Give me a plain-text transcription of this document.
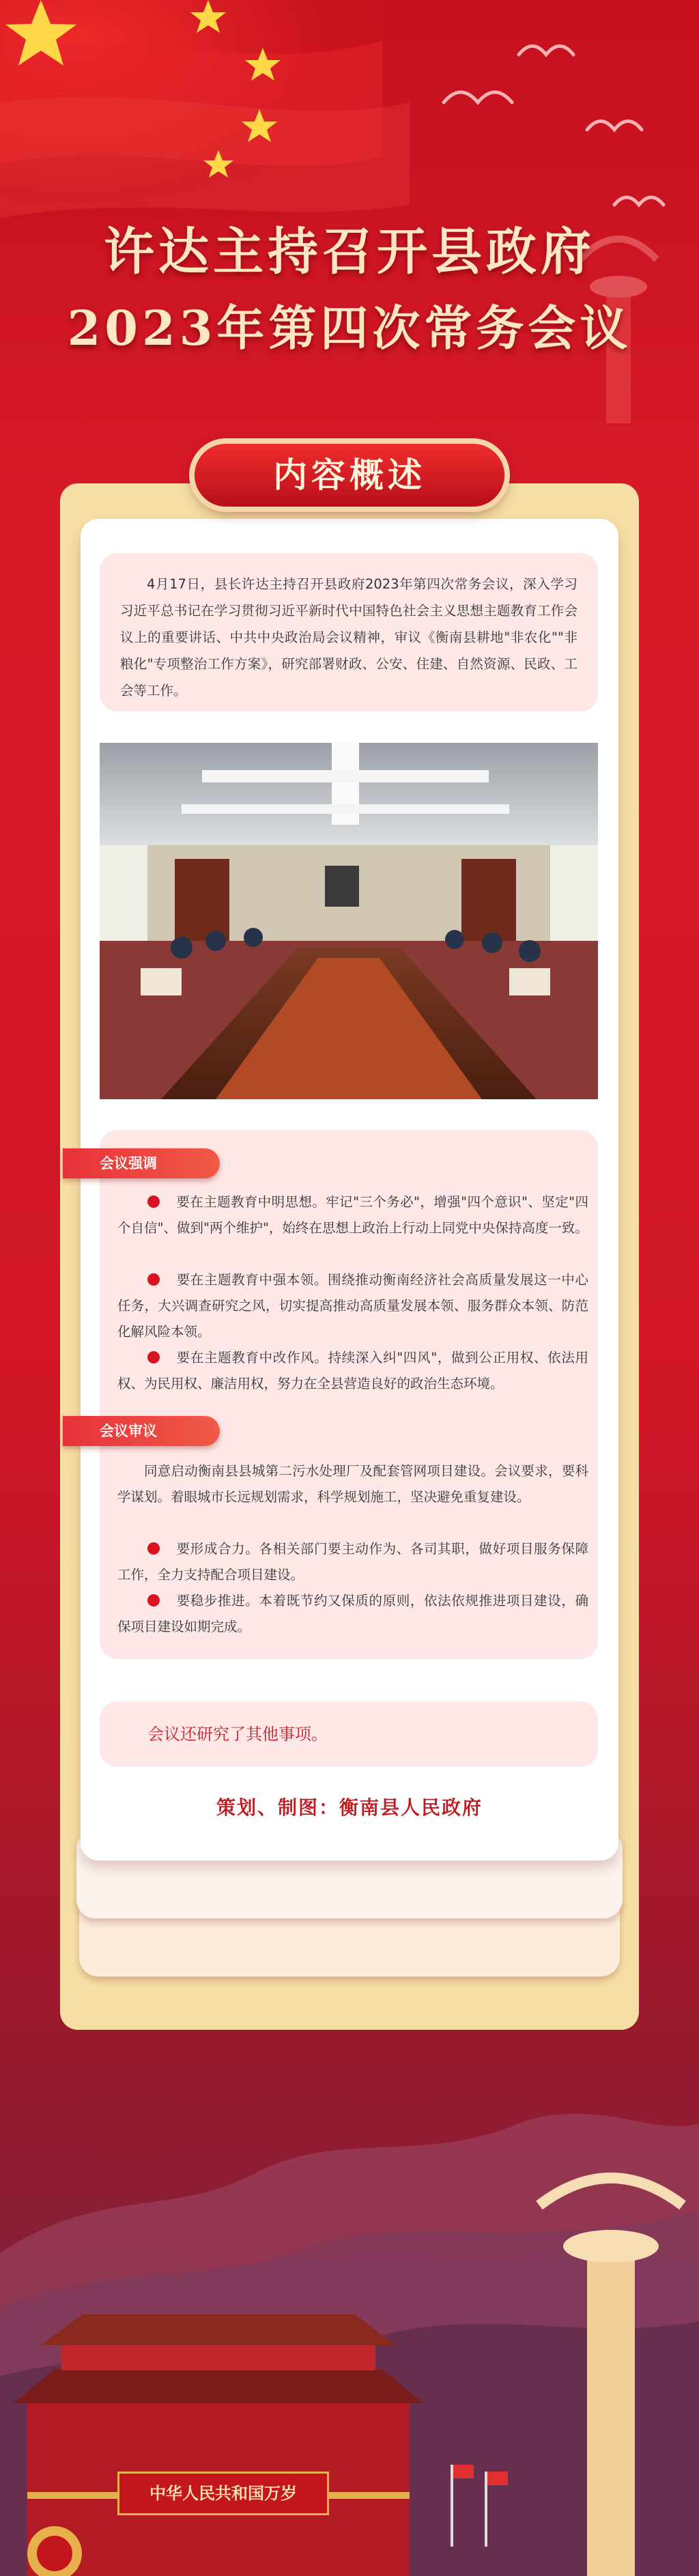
许达主持召开县政府
2023年第四次常务会议
内容概述

4月17日，县长许达主持召开县政府2023年第四次常务会议，深入学习习近平总书记在学习贯彻习近平新时代中国特色社会主义思想主题教育工作会议上的重要讲话、中共中央政治局会议精神，审议《衡南县耕地"非农化""非粮化"专项整治工作方案》，研究部署财政、公安、住建、自然资源、民政、工会等工作。

会议强调
要在主题教育中明思想。牢记"三个务必"，增强"四个意识"、坚定"四个自信"、做到"两个维护"，始终在思想上政治上行动上同党中央保持高度一致。
要在主题教育中强本领。围绕推动衡南经济社会高质量发展这一中心任务，大兴调查研究之风，切实提高推动高质量发展本领、服务群众本领、防范化解风险本领。
要在主题教育中改作风。持续深入纠"四风"，做到公正用权、依法用权、为民用权、廉洁用权，努力在全县营造良好的政治生态环境。
会议审议
同意启动衡南县县城第二污水处理厂及配套管网项目建设。会议要求，要科学谋划。着眼城市长远规划需求，科学规划施工，坚决避免重复建设。
要形成合力。各相关部门要主动作为、各司其职，做好项目服务保障工作，全力支持配合项目建设。
要稳步推进。本着既节约又保质的原则，依法依规推进项目建设，确保项目建设如期完成。
会议还研究了其他事项。
策划、制图：衡南县人民政府
中华人民共和国万岁
